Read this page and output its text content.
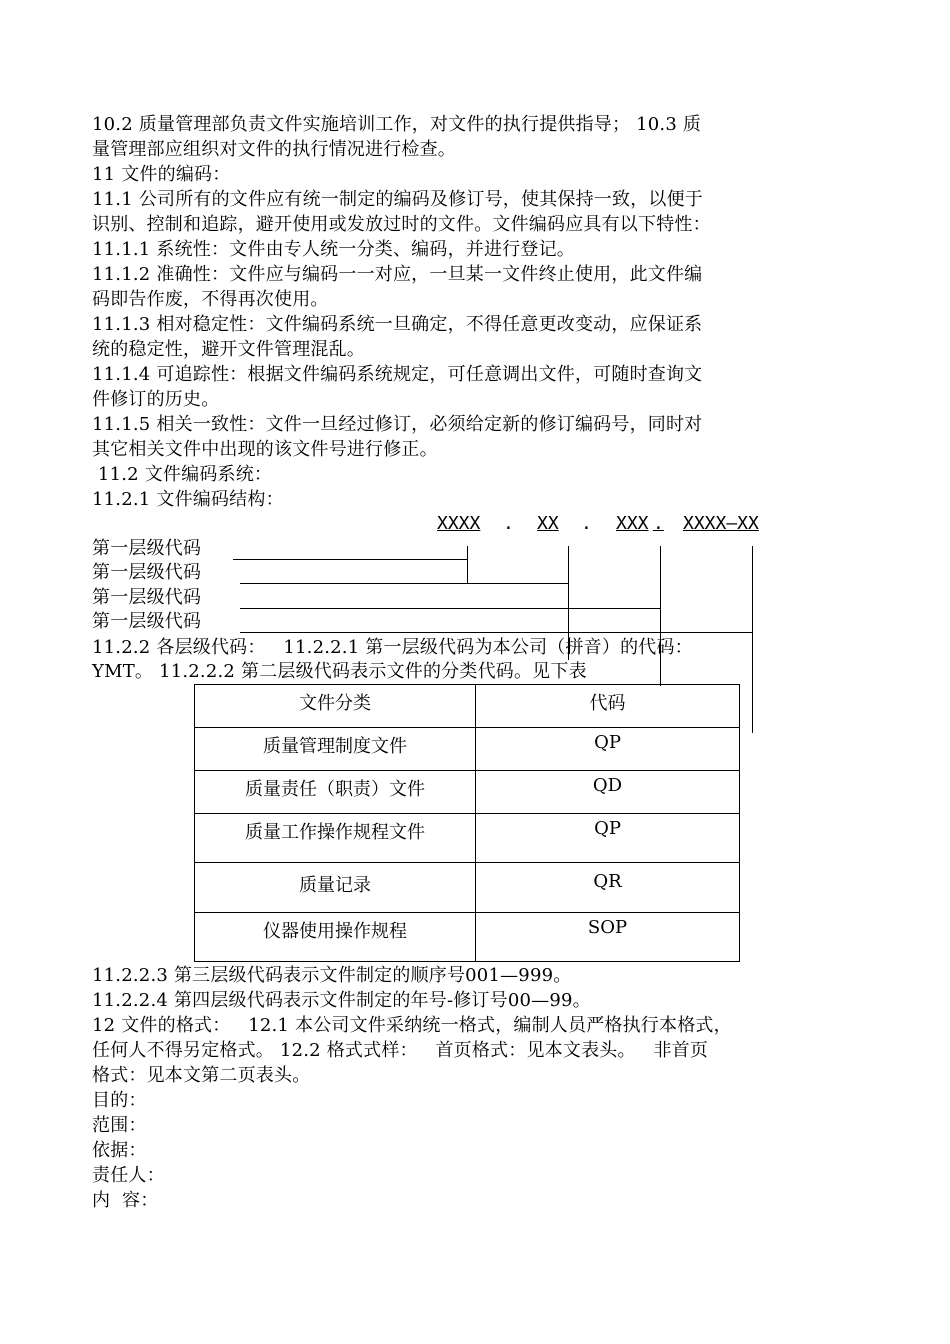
10.2 质量管理部负责文件实施培训工作，对文件的执行提供指导； 10.3 质
量管理部应组织对文件的执行情况进行检查。
11 文件的编码：
11.1 公司所有的文件应有统一制定的编码及修订号，使其保持一致，以便于
识别、控制和追踪，避开使用或发放过时的文件。文件编码应具有以下特性：
11.1.1 系统性：文件由专人统一分类、编码，并进行登记。
11.1.2 准确性：文件应与编码一一对应，一旦某一文件终止使用，此文件编
码即告作废，不得再次使用。
11.1.3 相对稳定性：文件编码系统一旦确定，不得任意更改变动，应保证系
统的稳定性，避开文件管理混乱。
11.1.4 可追踪性：根据文件编码系统规定，可任意调出文件，可随时查询文
件修订的历史。
11.1.5 相关一致性：文件一旦经过修订，必须给定新的修订编码号，同时对
其它相关文件中出现的该文件号进行修正。
11.2 文件编码系统：
11.2.1 文件编码结构：
XXXX . XX . XXX . XXXX—XX
第一层级代码
第一层级代码
第一层级代码
第一层级代码
11.2.2 各层级代码：   11.2.2.1 第一层级代码为本公司（拼音）的代码：
YMT。 11.2.2.2 第二层级代码表示文件的分类代码。见下表
文件分类	代码
质量管理制度文件	QP
质量责任（职责）文件	QD
质量工作操作规程文件	QP
质量记录	QR
仪器使用操作规程	SOP
11.2.2.3 第三层级代码表示文件制定的顺序号001—999。
11.2.2.4 第四层级代码表示文件制定的年号-修订号00—99。
12 文件的格式：   12.1 本公司文件采纳统一格式，编制人员严格执行本格式，
任何人不得另定格式。 12.2 格式式样：   首页格式：见本文表头。   非首页
格式：见本文第二页表头。
目的：
范围：
依据：
责任人：
内  容：
